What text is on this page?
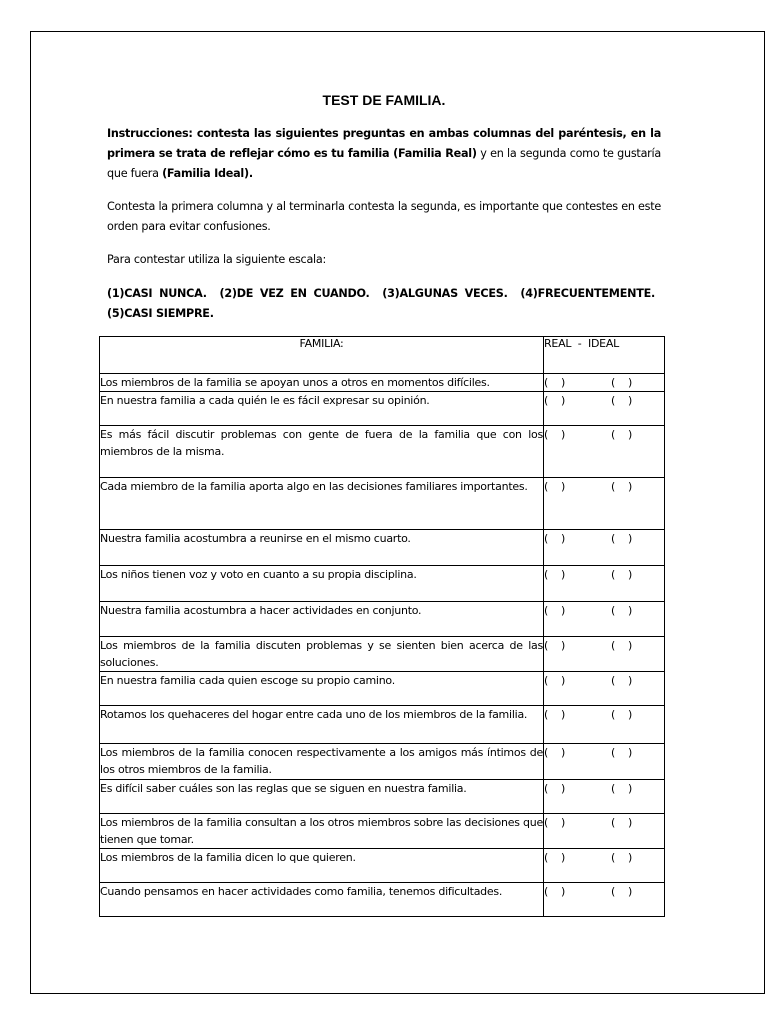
TEST DE FAMILIA.
Instrucciones: contesta las siguientes preguntas en ambas columnas del paréntesis, en la primera se trata de reflejar cómo es tu familia (Familia Real) y en la segunda como te gustaría que fuera (Familia Ideal).
Contesta la primera columna y al terminarla contesta la segunda, es importante que contestes en este orden para evitar confusiones.
Para contestar utiliza la siguiente escala:
(1)CASI NUNCA. (2)DE VEZ EN CUANDO. (3)ALGUNAS VECES. (4)FRECUENTEMENTE. (5)CASI SIEMPRE.
FAMILIA:	REAL  -  IDEAL
Los miembros de la familia se apoyan unos a otros en momentos difíciles.	(    ) (    )
En nuestra familia a cada quién le es fácil expresar su opinión.	(    ) (    )
Es más fácil discutir problemas con gente de fuera de la familia que con los miembros de la misma.	(    ) (    )
Cada miembro de la familia aporta algo en las decisiones familiares importantes.	(    ) (    )
Nuestra familia acostumbra a reunirse en el mismo cuarto.	(    ) (    )
Los niños tienen voz y voto en cuanto a su propia disciplina.	(    ) (    )
Nuestra familia acostumbra a hacer actividades en conjunto.	(    ) (    )
Los miembros de la familia discuten problemas y se sienten bien acerca de las soluciones.	(    ) (    )
En nuestra familia cada quien escoge su propio camino.	(    ) (    )
Rotamos los quehaceres del hogar entre cada uno de los miembros de la familia.	(    ) (    )
Los miembros de la familia conocen respectivamente a los amigos más íntimos de los otros miembros de la familia.	(    ) (    )
Es difícil saber cuáles son las reglas que se siguen en nuestra familia.	(    ) (    )
Los miembros de la familia consultan a los otros miembros sobre las decisiones que tienen que tomar.	(    ) (    )
Los miembros de la familia dicen lo que quieren.	(    ) (    )
Cuando pensamos en hacer actividades como familia, tenemos dificultades.	(    ) (    )
